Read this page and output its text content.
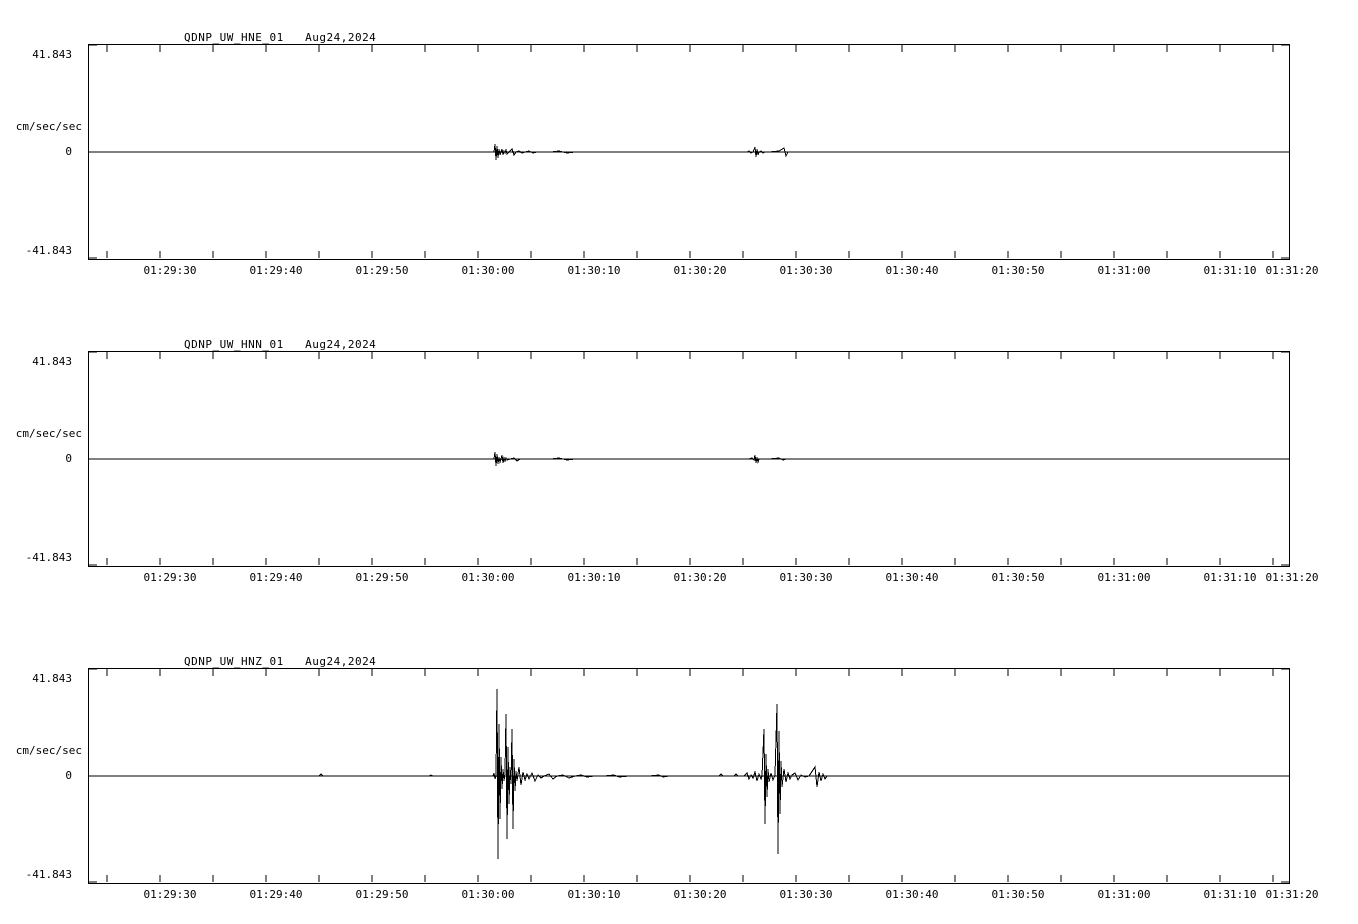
QDNP_UW_HNE_01   Aug24,2024
41.843
cm/sec/sec
0
-41.843
01:29:30	01:29:40	01:29:50	01:30:00	01:30:10	01:30:20	01:30:30	01:30:40	01:30:50	01:31:00	01:31:10 01:31:20
QDNP_UW_HNN_01   Aug24,2024
41.843
cm/sec/sec
0
-41.843
01:29:30	01:29:40	01:29:50	01:30:00	01:30:10	01:30:20	01:30:30	01:30:40	01:30:50	01:31:00	01:31:10 01:31:20
QDNP_UW_HNZ_01   Aug24,2024
41.843
cm/sec/sec
0
-41.843
01:29:30	01:29:40	01:29:50	01:30:00	01:30:10	01:30:20	01:30:30	01:30:40	01:30:50	01:31:00	01:31:10 01:31:20
